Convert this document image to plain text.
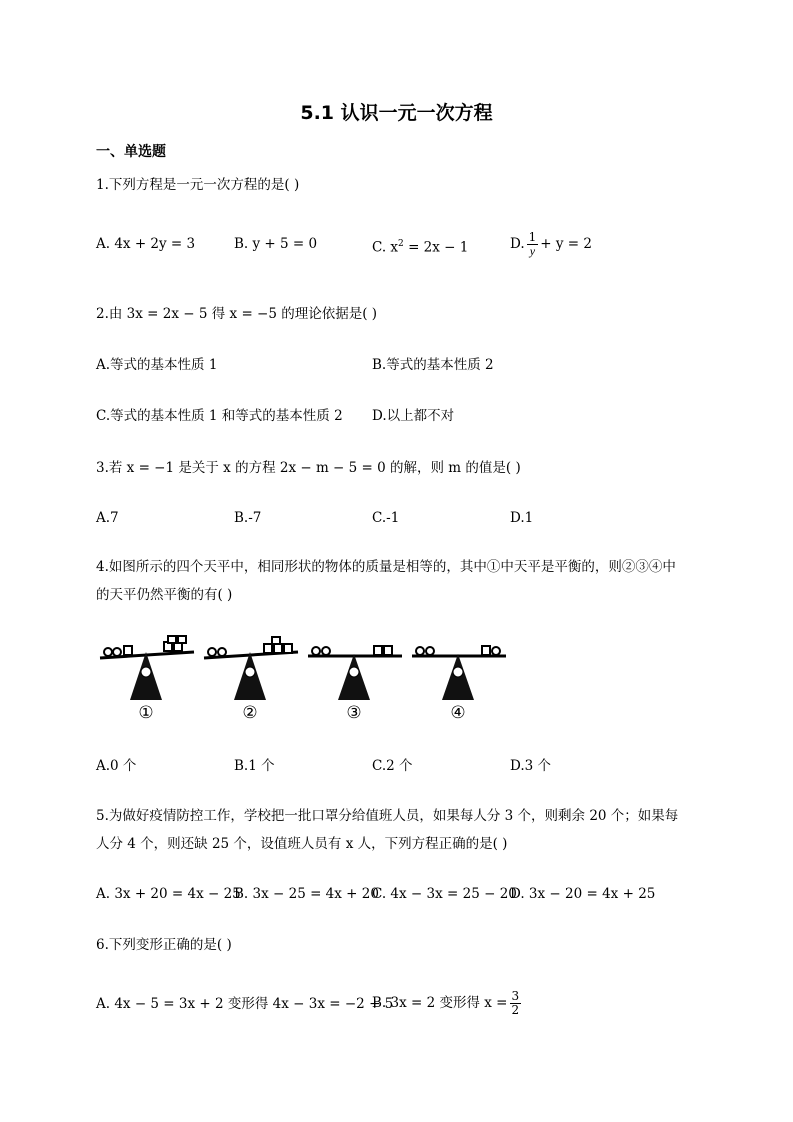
5.1 认识一元一次方程
一、单选题
1.下列方程是一元一次方程的是( )
A. 4x + 2y = 3	B. y + 5 = 0	C. $x^2 = 2x - 1$	D. $\frac{1}{y} + y = 2$
2.由 3x = 2x − 5 得 x = −5 的理论依据是( )
A.等式的基本性质 1	B.等式的基本性质 2
C.等式的基本性质 1 和等式的基本性质 2 D.以上都不对
3.若 x = −1 是关于 x 的方程 2x − m − 5 = 0 的解，则 m 的值是( )
A.7	B.-7	C.-1	D.1
4.如图所示的四个天平中，相同形状的物体的质量是相等的，其中①中天平是平衡的，则②③④中
的天平仍然平衡的有( )
①	②	③	④
A.0 个	B.1 个	C.2 个	D.3 个
5.为做好疫情防控工作，学校把一批口罩分给值班人员，如果每人分 3 个，则剩余 20 个；如果每
人分 4 个，则还缺 25 个，设值班人员有 x 人，下列方程正确的是( )
A. 3x + 20 = 4x − 25
B. 3x − 25 = 4x + 20
C. 4x − 3x = 25 − 20
D. 3x − 20 = 4x + 25
6.下列变形正确的是( )
A. 4x − 5 = 3x + 2 变形得 4x − 3x = −2 + 5
B. 3x = 2 变形得 $x = \frac{3}{2}$
